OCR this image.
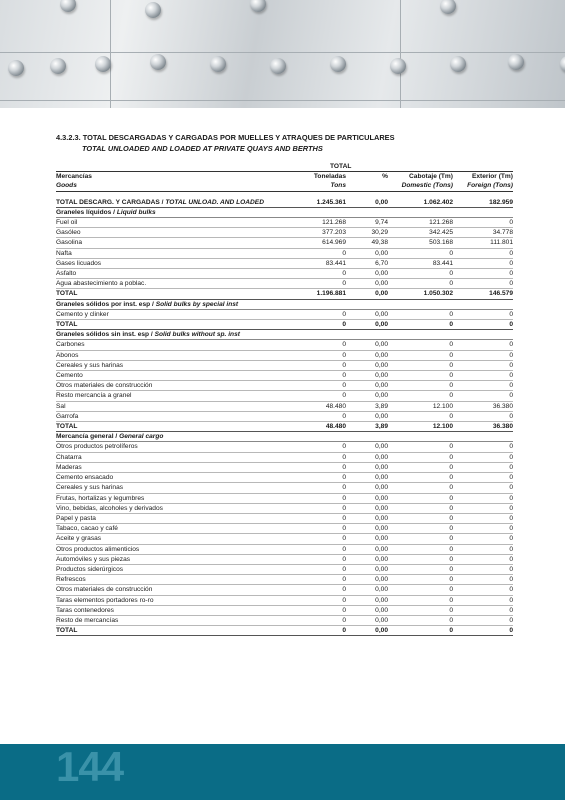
4.3.2.3. TOTAL DESCARGADAS Y CARGADAS POR MUELLES Y ATRAQUES DE PARTICULARES
TOTAL UNLOADED AND LOADED AT PRIVATE QUAYS AND BERTHS
	TOTAL			
Mercancías	Toneladas	%	Cabotaje (Tm)	Exterior (Tm)
Goods	Tons		Domestic (Tons)	Foreign (Tons)

TOTAL DESCARG. Y CARGADAS / TOTAL UNLOAD. AND LOADED	1.245.361	0,00	1.062.402	182.959
Graneles líquidos / Liquid bulks				
Fuel oil	121.268	9,74	121.268	0
Gasóleo	377.203	30,29	342.425	34.778
Gasolina	614.969	49,38	503.168	111.801
Nafta	0	0,00	0	0
Gases licuados	83.441	6,70	83.441	0
Asfalto	0	0,00	0	0
Agua abastecimiento a poblac.	0	0,00	0	0
TOTAL	1.196.881	0,00	1.050.302	146.579
Graneles sólidos por inst. esp / Solid bulks by special inst				
Cemento y clinker	0	0,00	0	0
TOTAL	0	0,00	0	0
Graneles sólidos sin inst. esp / Solid bulks without sp. inst				
Carbones	0	0,00	0	0
Abonos	0	0,00	0	0
Cereales y sus harinas	0	0,00	0	0
Cemento	0	0,00	0	0
Otros materiales de construcción	0	0,00	0	0
Resto mercancía a granel	0	0,00	0	0
Sal	48.480	3,89	12.100	36.380
Garrofa	0	0,00	0	0
TOTAL	48.480	3,89	12.100	36.380
Mercancía general / General cargo				
Otros productos petrolíferos	0	0,00	0	0
Chatarra	0	0,00	0	0
Maderas	0	0,00	0	0
Cemento ensacado	0	0,00	0	0
Cereales y sus harinas	0	0,00	0	0
Frutas, hortalizas y legumbres	0	0,00	0	0
Vino, bebidas, alcoholes y derivados	0	0,00	0	0
Papel y pasta	0	0,00	0	0
Tabaco, cacao y café	0	0,00	0	0
Aceite y grasas	0	0,00	0	0
Otros productos alimenticios	0	0,00	0	0
Automóviles y sus piezas	0	0,00	0	0
Productos siderúrgicos	0	0,00	0	0
Refrescos	0	0,00	0	0
Otros materiales de construcción	0	0,00	0	0
Taras elementos portadores ro-ro	0	0,00	0	0
Taras contenedores	0	0,00	0	0
Resto de mercancías	0	0,00	0	0
TOTAL	0	0,00	0	0
144
